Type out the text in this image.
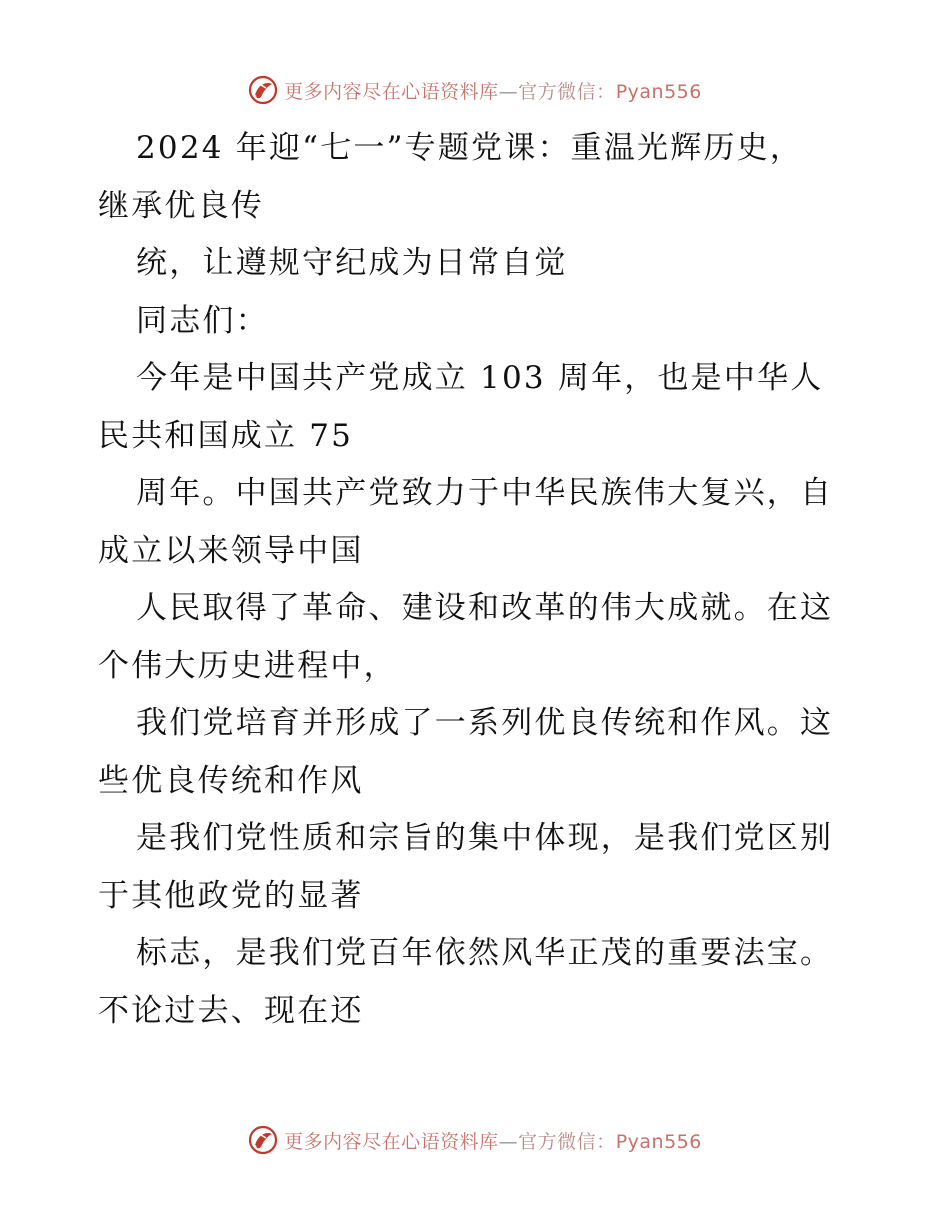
更多内容尽在心语资料库—官方微信：Pyan556
2024 年迎“七一”专题党课：重温光辉历史，
继承优良传
统，让遵规守纪成为日常自觉
同志们：
今年是中国共产党成立 103 周年，也是中华人
民共和国成立 75
周年。中国共产党致力于中华民族伟大复兴，自
成立以来领导中国
人民取得了革命、建设和改革的伟大成就。在这
个伟大历史进程中，
我们党培育并形成了一系列优良传统和作风。这
些优良传统和作风
是我们党性质和宗旨的集中体现，是我们党区别
于其他政党的显著
标志，是我们党百年依然风华正茂的重要法宝。
不论过去、现在还
更多内容尽在心语资料库—官方微信：Pyan556
